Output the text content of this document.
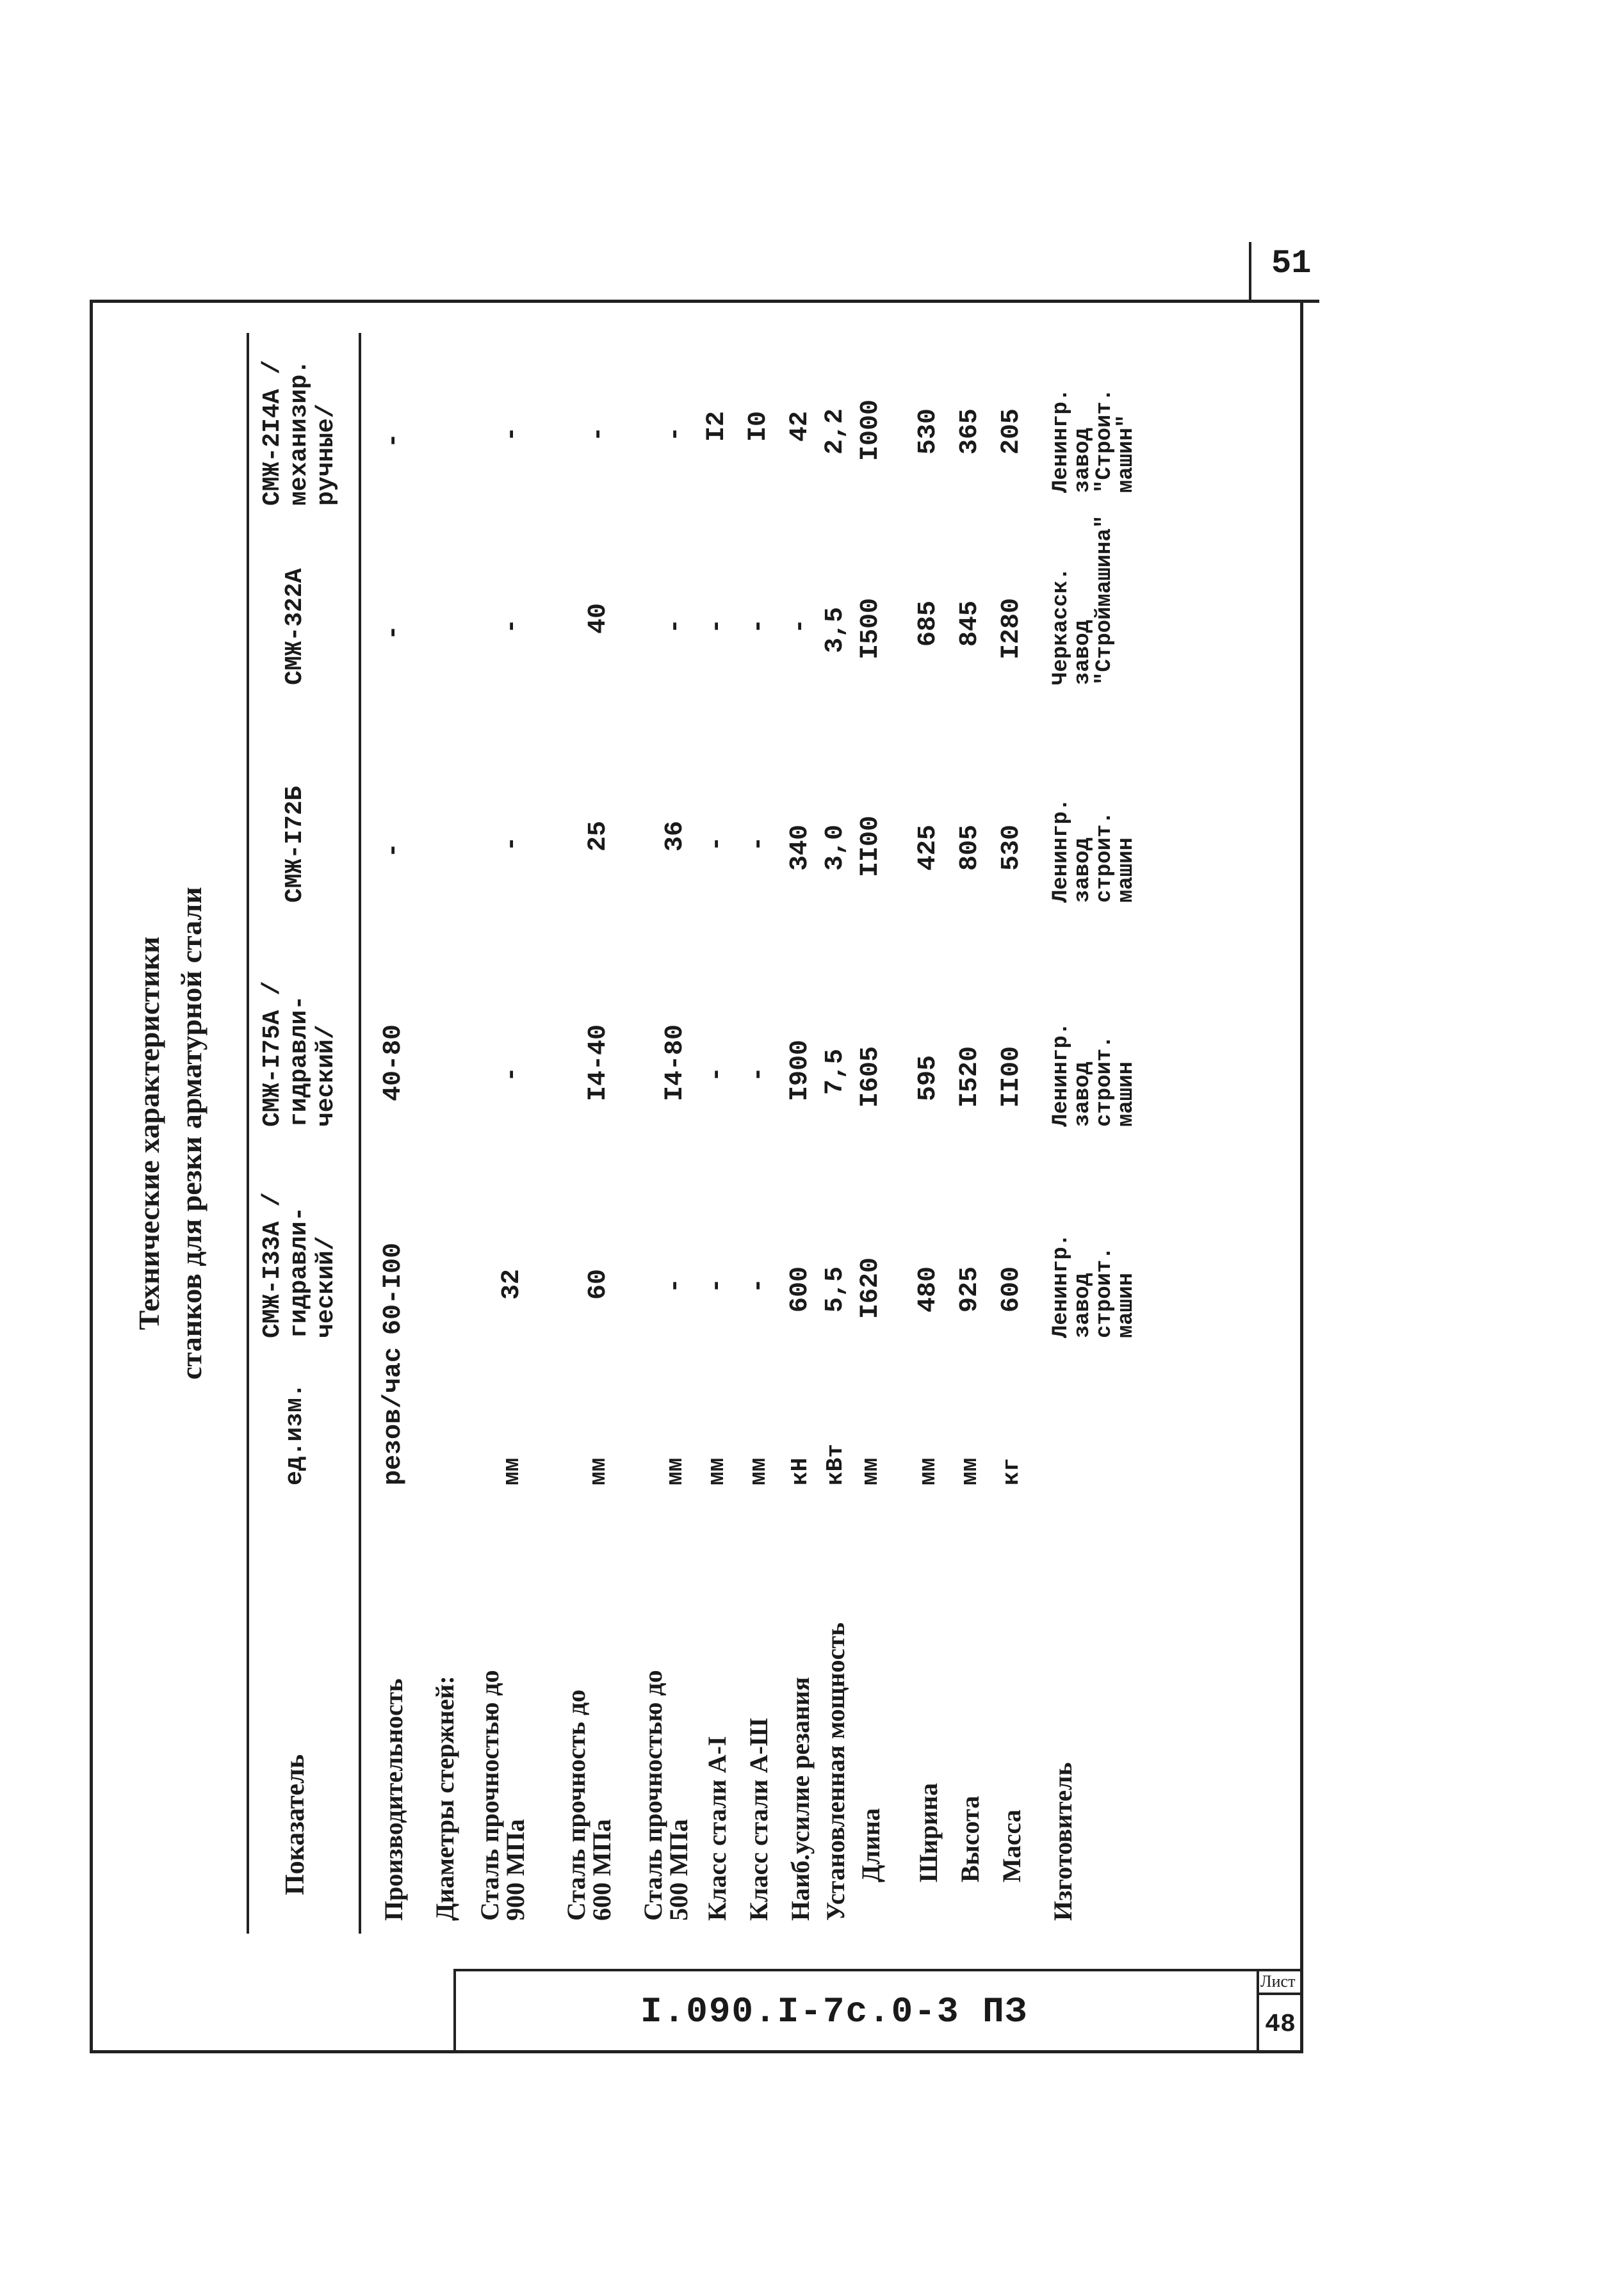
51
I.090.I-7c.0-3 ПЗ
Лист
48
Технические характеристики станков для резки арматурной стали
Показатель
ед.изм.
СМЖ-I33А /гидравли-ческий/
СМЖ-I75А /гидравли-ческий/
СМЖ-I72Б
СМЖ-322А
СМЖ-2I4А /механизир. ручные/
Производительность
резов/час
60-I00
40-80
-
-
-
Диаметры стержней: Сталь прочностью до 900 МПа
мм
32
-
-
-
-
Сталь прочность до 600 МПа
мм
60
I4-40
25
40
-
Сталь прочностью до 500 МПа
мм
-
I4-80
36
-
-
Класс стали А-I
мм
-
-
-
-
I2
Класс стали А-Ш
мм
-
-
-
-
I0
Наиб.усилие резания
кН
600
I900
340
-
42
Установленная мощность
кВт
5,5
7,5
3,0
3,5
2,2
Длина
мм
I620
I605
II00
I500
I000
Ширина
мм
480
595
425
685
530
Высота
мм
925
I520
805
845
365
Масса
кг
600
II00
530
I280
205
Изготовитель
Ленингр. завод строит. машин
Ленингр. завод строит. машин
Ленингр. завод строит. машин
Черкасск. завод "Строймашина"
Ленингр. завод "Строит. машин"
